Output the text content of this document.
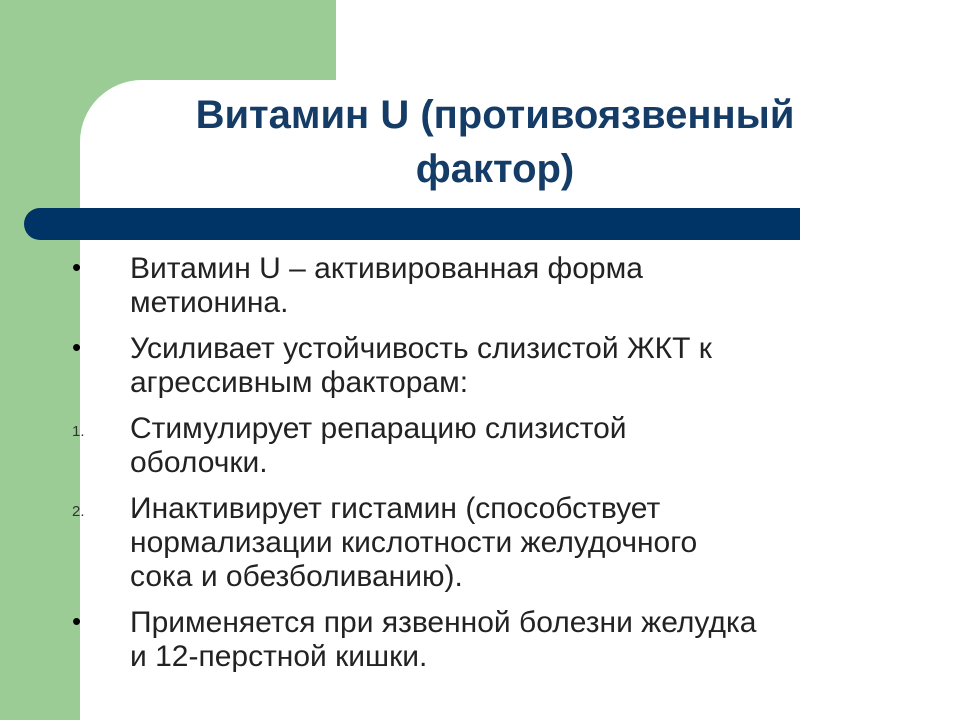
Витамин U (противоязвенный
фактор)
•	Витамин U – активированная форма
метионина.
•	Усиливает устойчивость слизистой ЖКТ к
агрессивным факторам:
1.	Стимулирует репарацию слизистой
оболочки.
2.	Инактивирует гистамин (способствует
нормализации кислотности желудочного
сока и обезболиванию).
•	Применяется при язвенной болезни желудка
и 12-перстной кишки.
